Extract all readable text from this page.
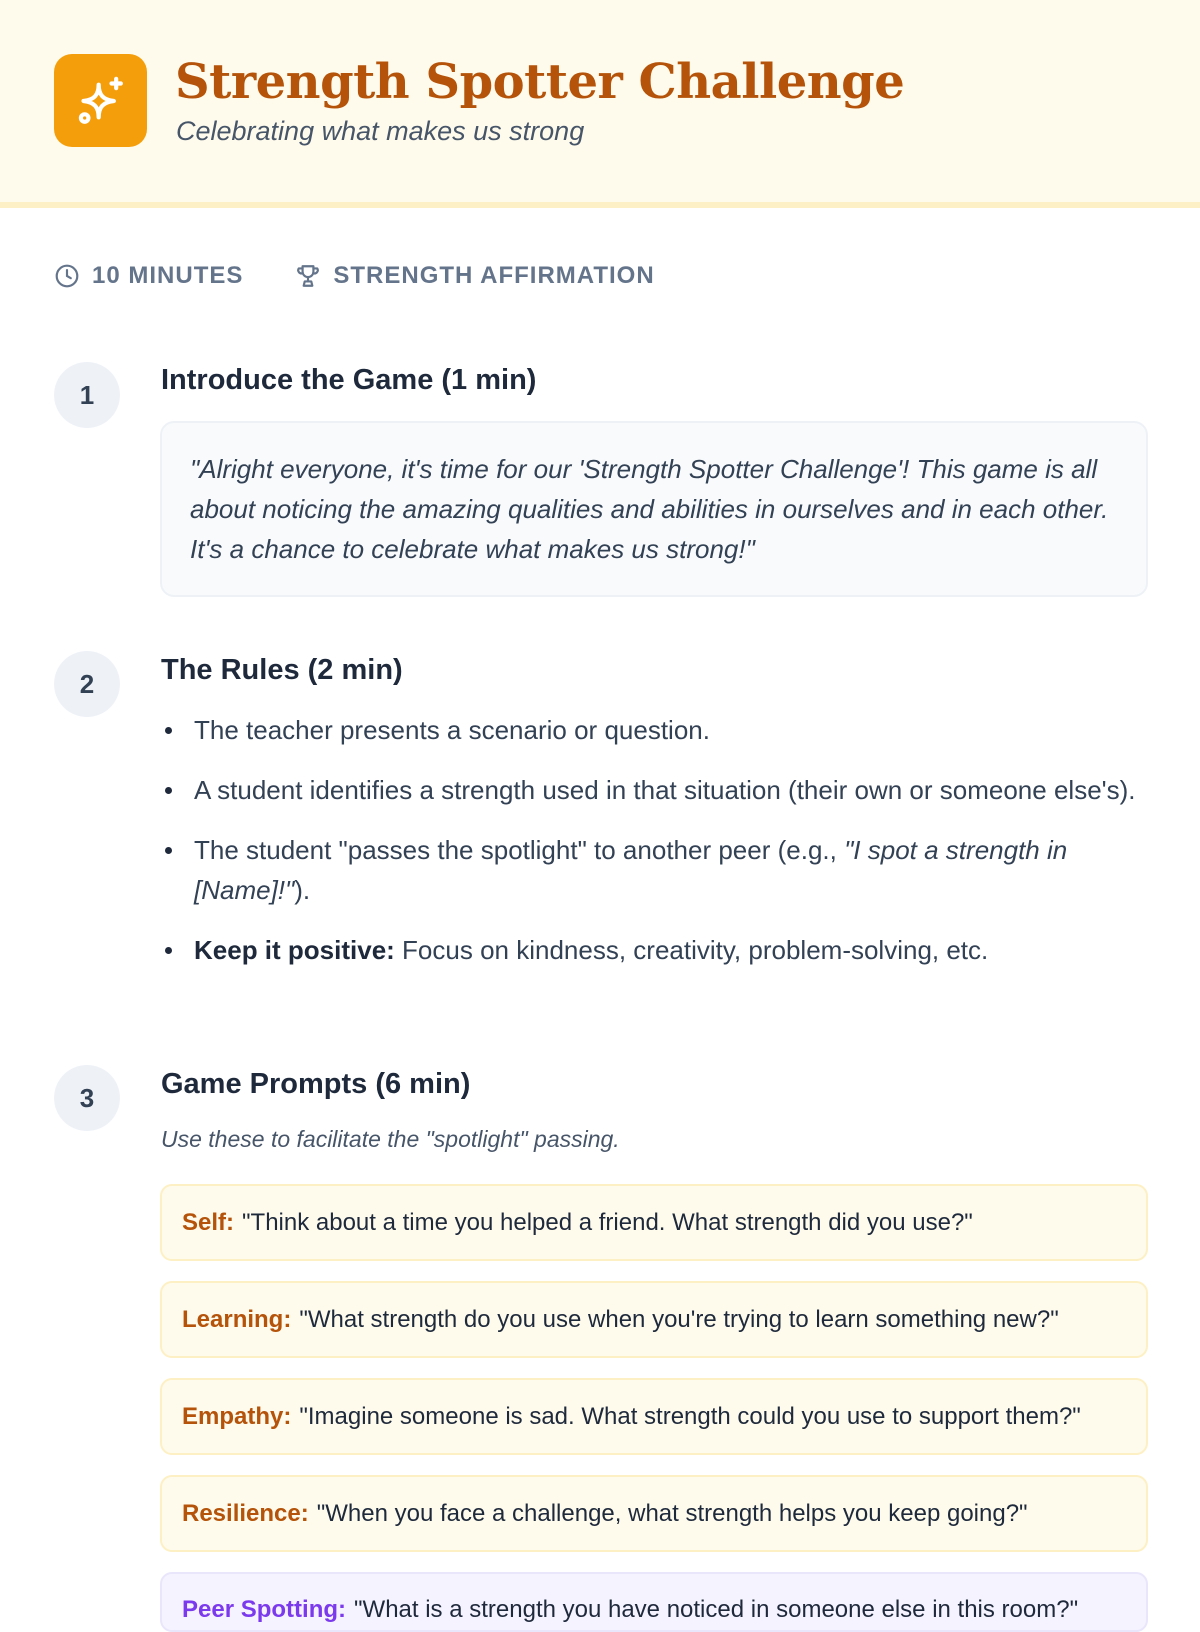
Strength Spotter Challenge
Celebrating what makes us strong
10 MINUTES	STRENGTH AFFIRMATION
1	Introduce the Game (1 min)
"Alright everyone, it's time for our 'Strength Spotter Challenge'! This game is all about noticing the amazing qualities and abilities in ourselves and in each other. It's a chance to celebrate what makes us strong!"
2	The Rules (2 min)
The teacher presents a scenario or question.
A student identifies a strength used in that situation (their own or someone else's).
The student "passes the spotlight" to another peer (e.g., "I spot a strength in [Name]!").
Keep it positive: Focus on kindness, creativity, problem-solving, etc.
3	Game Prompts (6 min)
Use these to facilitate the "spotlight" passing.
Self: "Think about a time you helped a friend. What strength did you use?"
Learning: "What strength do you use when you're trying to learn something new?"
Empathy: "Imagine someone is sad. What strength could you use to support them?"
Resilience: "When you face a challenge, what strength helps you keep going?"
Peer Spotting: "What is a strength you have noticed in someone else in this room?"
